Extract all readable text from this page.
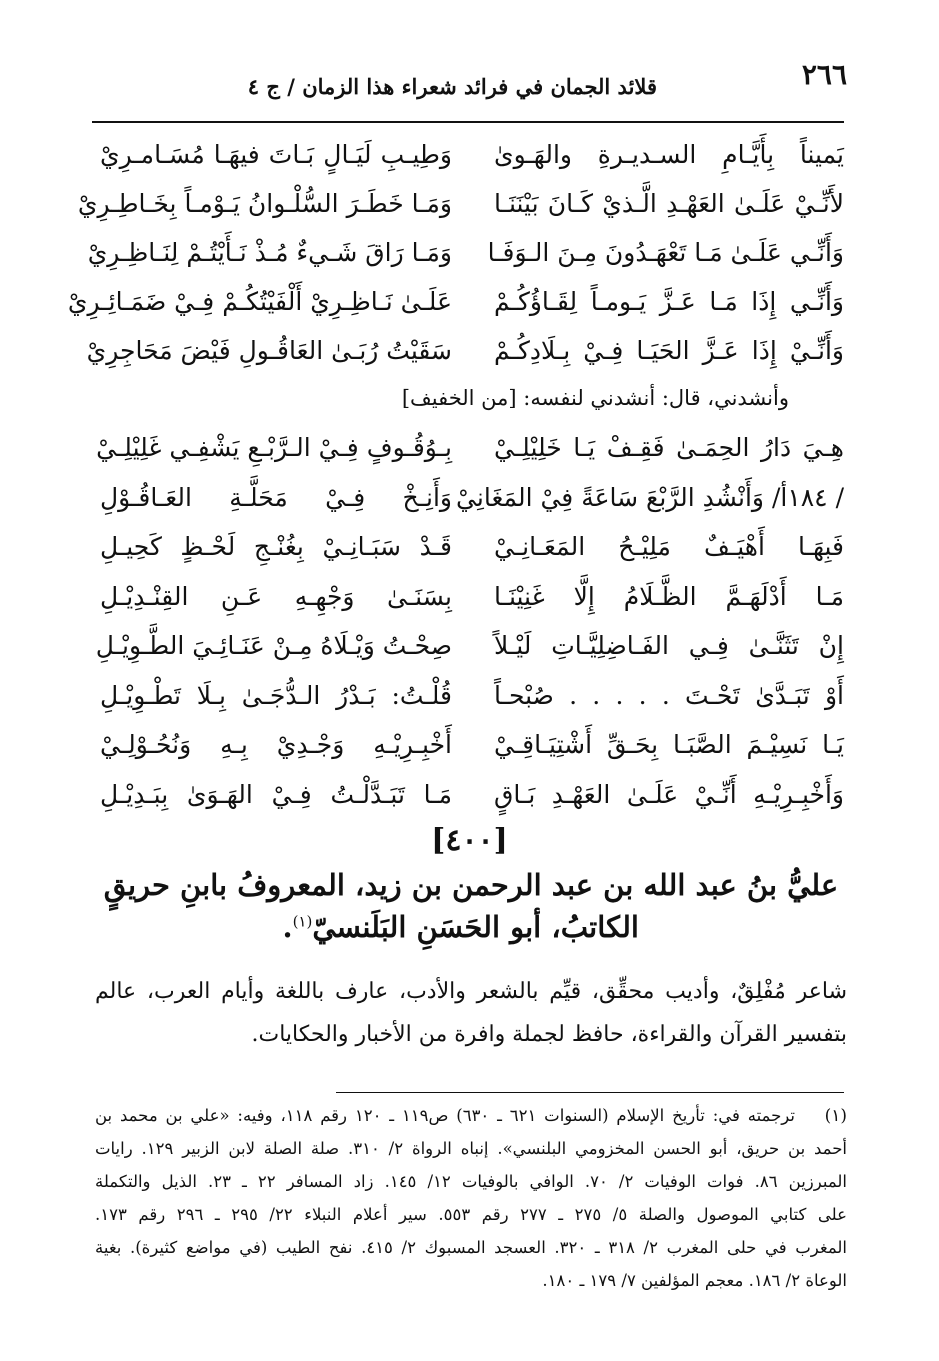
٢٦٦
قلائد الجمان في فرائد شعراء هذا الزمان / ج ٤
يَميناً بِأَيَّـامِ السـديـرةِ والهَـوىٰ
وَطِيـبِ لَيَـالٍ بَـاتَ فيهَـا مُسَـامـرِيْ
لأَنِّـيْ عَلَـىٰ العَهْـدِ الَّـذيْ كَـانَ بَيْنَنَـا
وَمَـا خَطَـرَ السُّلْـوانُ يَـوْمـاً بِخَـاطِـرِيْ
وَأَنِّـي عَلَـىٰ مَـا تَعْهَـدُونَ مِـنَ الـوَفَـا
وَمَـا رَاقَ شَـيءٌ مُـذْ نَـأَيْتُـمْ لِنَـاظِـرِيْ
وَأَنِّـي إِذَا مَـا عَـزَّ يَـومـاً لِقَـاؤُكُـمْ
عَلَـىٰ نَـاظِـرِيْ أَلْفَيْتُكُـمْ فِـيْ ضَمَـائِـرِيْ
وَأَنِّـيْ إِذَا عَـزَّ الحَيَـا فِـيْ بِـلَادِكُـمْ
سَقَيْتُ رُبَـىٰ العَاقُـولِ فَيْضَ مَحَاجِرِيْ
وأنشدني، قال: أنشدني لنفسه: [من الخفيف]
هِـيَ دَارُ الحِمَـىٰ فَقِـفْ يَـا خَلِيْلِـيْ
بِـوُقُـوفٍ فِـيْ الـرَّبْـعِ يَشْفِـي غَلِيْلِـيْ
/ ١٨٤أ/ وَأَنْشُدِ الرَّبْعَ سَاعَةً فِيْ المَغَانِيْ
وَأَنِـخْ فِـيْ مَحَلَّـةِ العَـاقُـوْلِ
فَبِهَـا أَهْيَـفٌ مَلِيْـحُ المَعَـانِـيْ
قَـدْ سَبَـانِـيْ بِغُنْـجِ لَحْـظٍ كَحِيـلِ
مَـا أَدْلَهَـمَّ الظَّـلَامُ إِلَّا غَنِيْنَـا
بِسَنَـىٰ وَجْهِـهِ عَـنِ القِنْـدِيْـلِ
إِنْ تَثَنَّـىٰ فِـي الفَـاضِلِيَّـاتِ لَيْـلاً
صِحْـتُ وَيْـلَاهُ مِـنْ عَنَـائِـيَ الطَّـوِيْـلِ
أَوْ تَبَـدَّىٰ تَحْـتَ . . . . . صُبْحـاً
قُلْـتُ: بَـدْرُ الـدُّجَـىٰ بِـلَا تَطْـوِيْـلِ
يَـا نَسِيْـمَ الصَّبَـا بِحَـقِّ أَشْتِيَـاقِـيْ
أَخْبِـرِيْـهِ وَجْـدِيْ بِـهِ وَنُحُـوْلِـيْ
وَأَخْبِـرِيْـهِ أَنِّـيْ عَلَـىٰ العَهْـدِ بَـاقٍ
مَـا تَبَـدَّلْـتُ فِـيْ الهَـوَىٰ بِبَـدِيْـلِ
[٤٠٠]
عليُّ بنُ عبد الله بن عبد الرحمن بن زيد، المعروفُ بابنِ حريقٍ
الكاتبُ، أبو الحَسَنِ البَلَنسيّ$^{(١)}$.
شاعر مُفْلِقٌ، وأديب محقِّق، قيِّم بالشعر والأدب، عارف باللغة وأيام العرب، عالم
بتفسير القرآن والقراءة، حافظ لجملة وافرة من الأخبار والحكايات.
(١)
ترجمته في: تأريخ الإسلام (السنوات ٦٢١ ـ ٦٣٠) ص١١٩ ـ ١٢٠ رقم ١١٨، وفيه: «علي بن محمد بن
أحمد بن حريق، أبو الحسن المخزومي البلنسي». إنباه الرواة ٢/ ٣١٠. صلة الصلة لابن الزبير ١٢٩. رايات
المبرزين ٨٦. فوات الوفيات ٢/ ٧٠. الوافي بالوفيات ١٢/ ١٤٥. زاد المسافر ٢٢ ـ ٢٣. الذيل والتكملة
على كتابي الموصول والصلة ٥/ ٢٧٥ ـ ٢٧٧ رقم ٥٥٣. سير أعلام النبلاء ٢٢/ ٢٩٥ ـ ٢٩٦ رقم ١٧٣.
المغرب في حلى المغرب ٢/ ٣١٨ ـ ٣٢٠. العسجد المسبوك ٢/ ٤١٥. نفح الطيب (في مواضع كثيرة). بغية
الوعاة ٢/ ١٨٦. معجم المؤلفين ٧/ ١٧٩ ـ ١٨٠.
